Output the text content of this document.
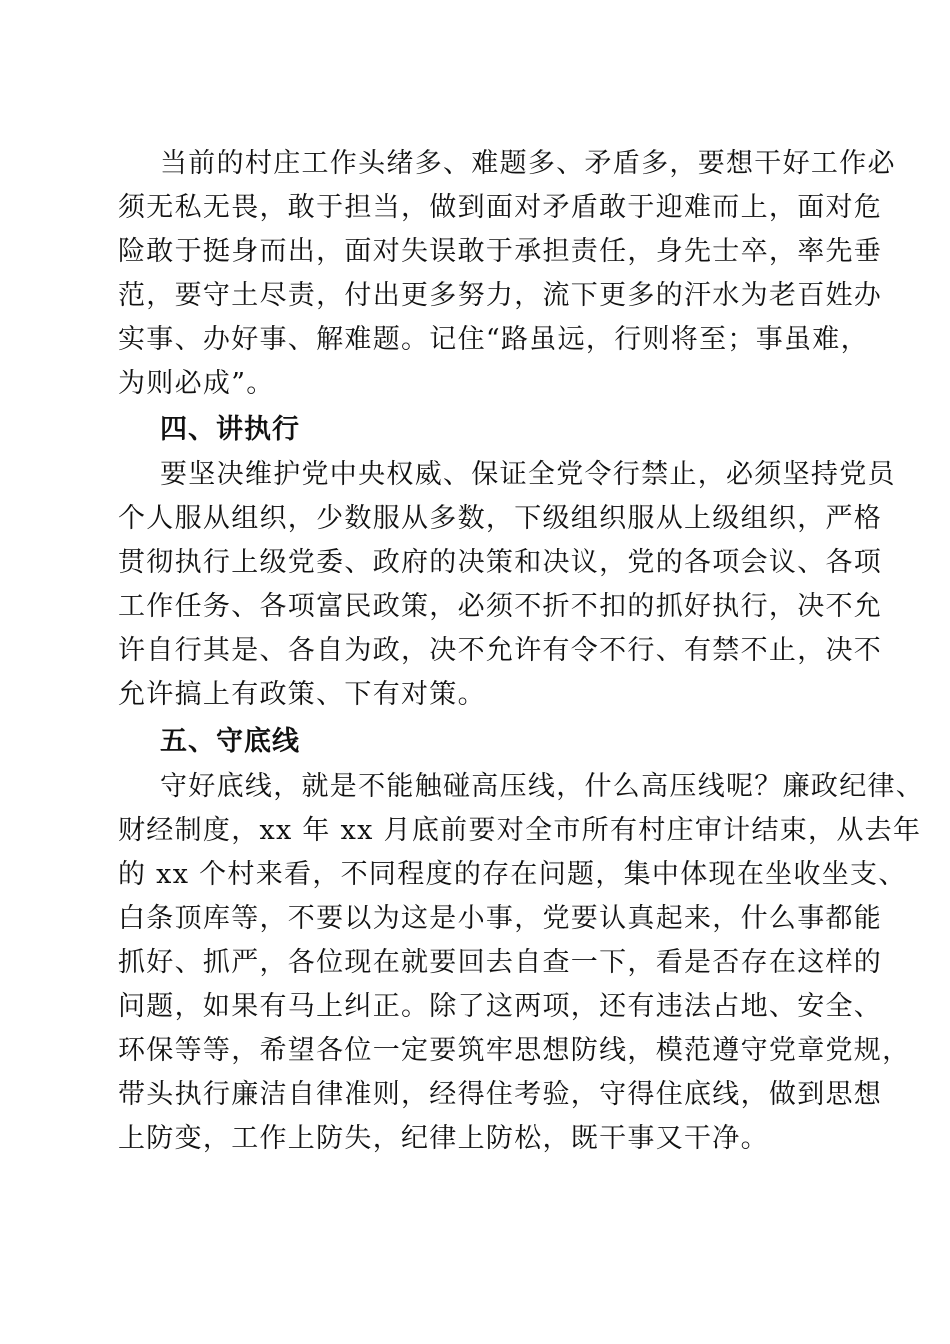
当前的村庄工作头绪多、难题多、矛盾多，要想干好工作必
须无私无畏，敢于担当，做到面对矛盾敢于迎难而上，面对危
险敢于挺身而出，面对失误敢于承担责任，身先士卒，率先垂
范，要守土尽责，付出更多努力，流下更多的汗水为老百姓办
实事、办好事、解难题。记住“路虽远，行则将至；事虽难，
为则必成”。
四、讲执行
要坚决维护党中央权威、保证全党令行禁止，必须坚持党员
个人服从组织，少数服从多数，下级组织服从上级组织，严格
贯彻执行上级党委、政府的决策和决议，党的各项会议、各项
工作任务、各项富民政策，必须不折不扣的抓好执行，决不允
许自行其是、各自为政，决不允许有令不行、有禁不止，决不
允许搞上有政策、下有对策。
五、守底线
守好底线，就是不能触碰高压线，什么高压线呢？廉政纪律、
财经制度，xx 年 xx 月底前要对全市所有村庄审计结束，从去年
的 xx 个村来看，不同程度的存在问题，集中体现在坐收坐支、
白条顶库等，不要以为这是小事，党要认真起来，什么事都能
抓好、抓严，各位现在就要回去自查一下，看是否存在这样的
问题，如果有马上纠正。除了这两项，还有违法占地、安全、
环保等等，希望各位一定要筑牢思想防线，模范遵守党章党规，
带头执行廉洁自律准则，经得住考验，守得住底线，做到思想
上防变，工作上防失，纪律上防松，既干事又干净。
